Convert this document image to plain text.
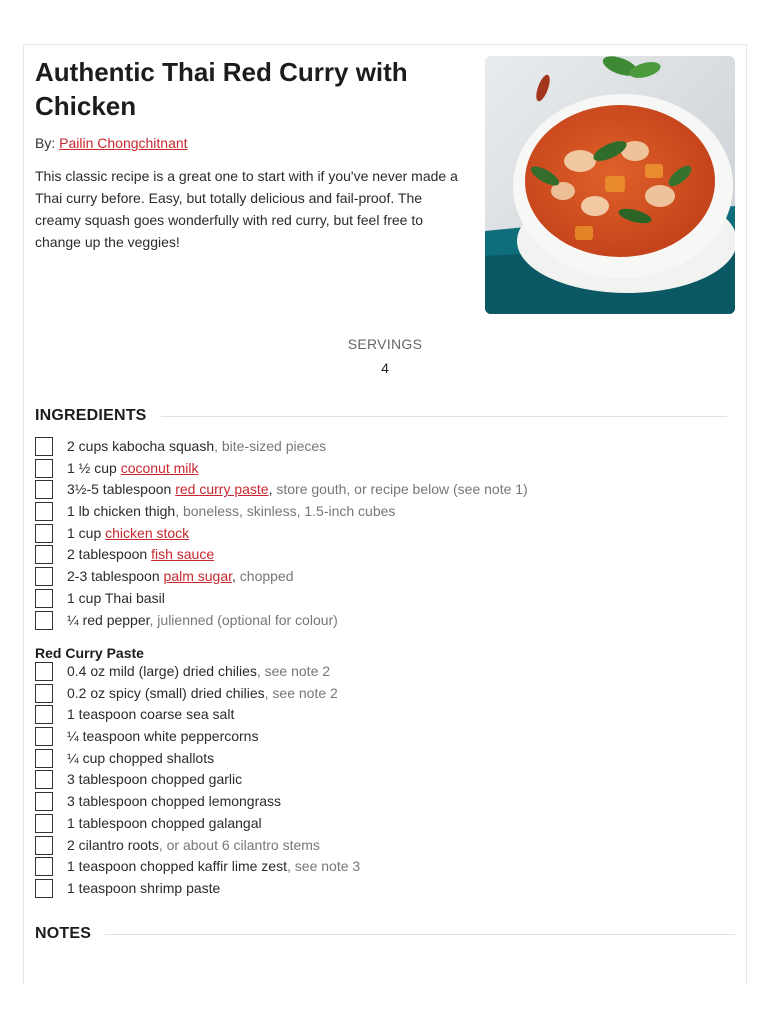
Authentic Thai Red Curry with Chicken
By: Pailin Chongchitnant

This classic recipe is a great one to start with if you've never made a Thai curry before. Easy, but totally delicious and fail-proof. The creamy squash goes wonderfully with red curry, but feel free to change up the veggies!

SERVINGS
4
INGREDIENTS
2 cups kabocha squash, bite-sized pieces
1 ½ cup coconut milk
3½-5 tablespoon red curry paste, store gouth, or recipe below (see note 1)
1 lb chicken thigh, boneless, skinless, 1.5-inch cubes
1 cup chicken stock
2 tablespoon fish sauce
2-3 tablespoon palm sugar, chopped
1 cup Thai basil
¼ red pepper, julienned (optional for colour)
Red Curry Paste
0.4 oz mild (large) dried chilies, see note 2
0.2 oz spicy (small) dried chilies, see note 2
1 teaspoon coarse sea salt
¼ teaspoon white peppercorns
¼ cup chopped shallots
3 tablespoon chopped garlic
3 tablespoon chopped lemongrass
1 tablespoon chopped galangal
2 cilantro roots, or about 6 cilantro stems
1 teaspoon chopped kaffir lime zest, see note 3
1 teaspoon shrimp paste
NOTES
